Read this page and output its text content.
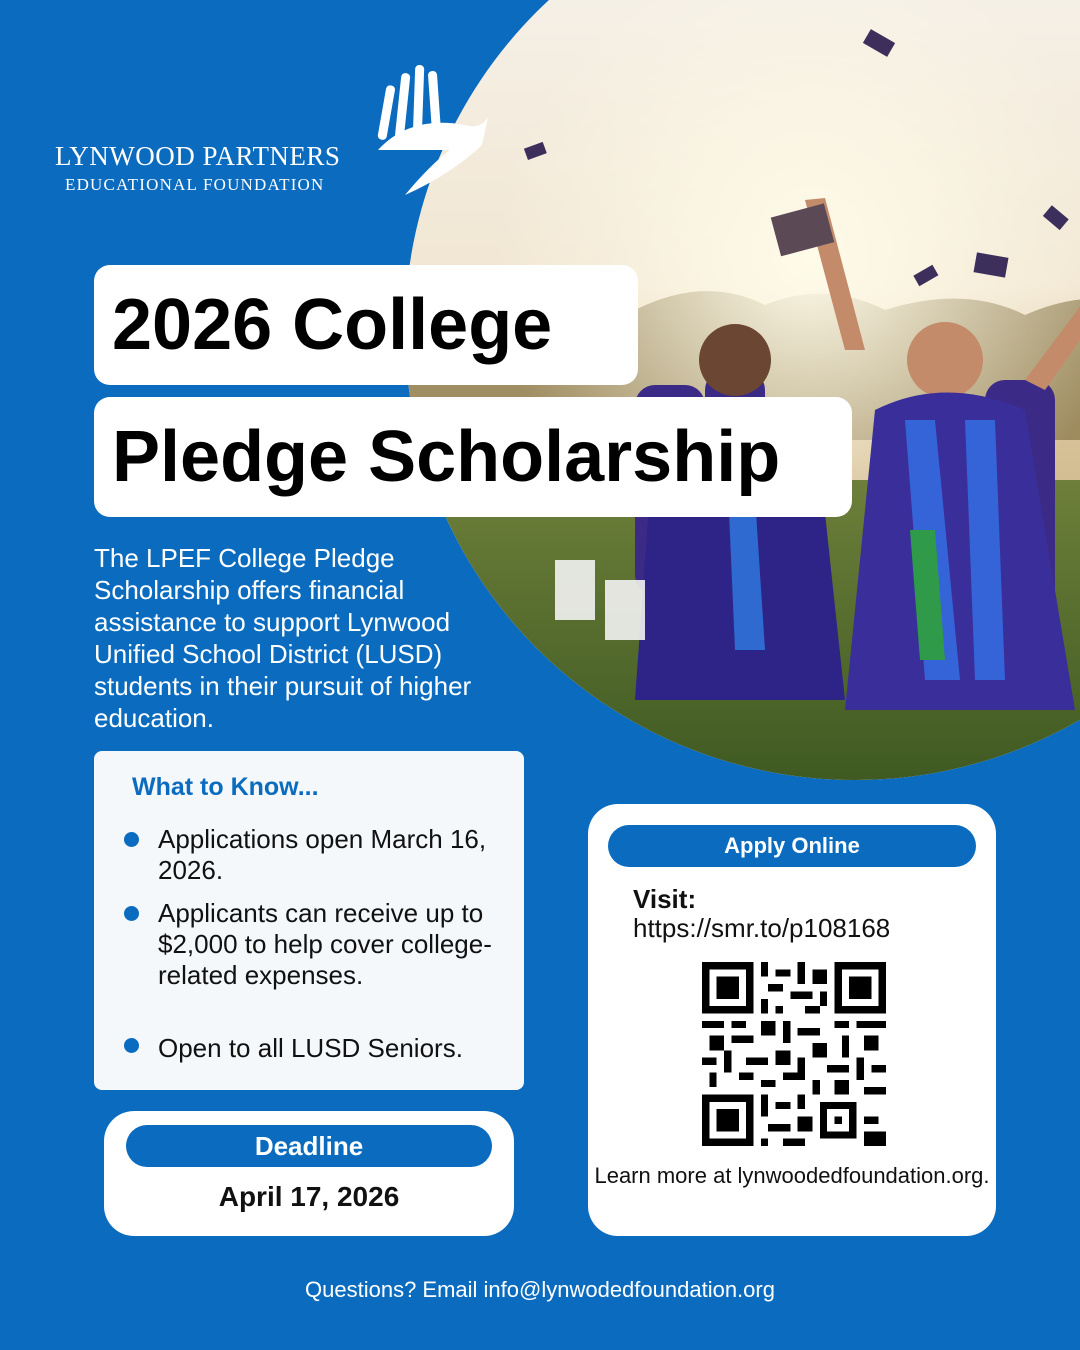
LYNWOOD PARTNERS
EDUCATIONAL FOUNDATION
2026 College
Pledge Scholarship
The LPEF College Pledge Scholarship offers financial assistance to support Lynwood Unified School District (LUSD) students in their pursuit of higher education.
What to Know...
Applications open March 16, 2026.
Applicants can receive up to $2,000 to help cover college-related expenses.
Open to all LUSD Seniors.
Deadline
April 17, 2026
Apply Online
Visit:
https://smr.to/p108168
Learn more at lynwoodedfoundation.org.
Questions? Email info@lynwodedfoundation.org
